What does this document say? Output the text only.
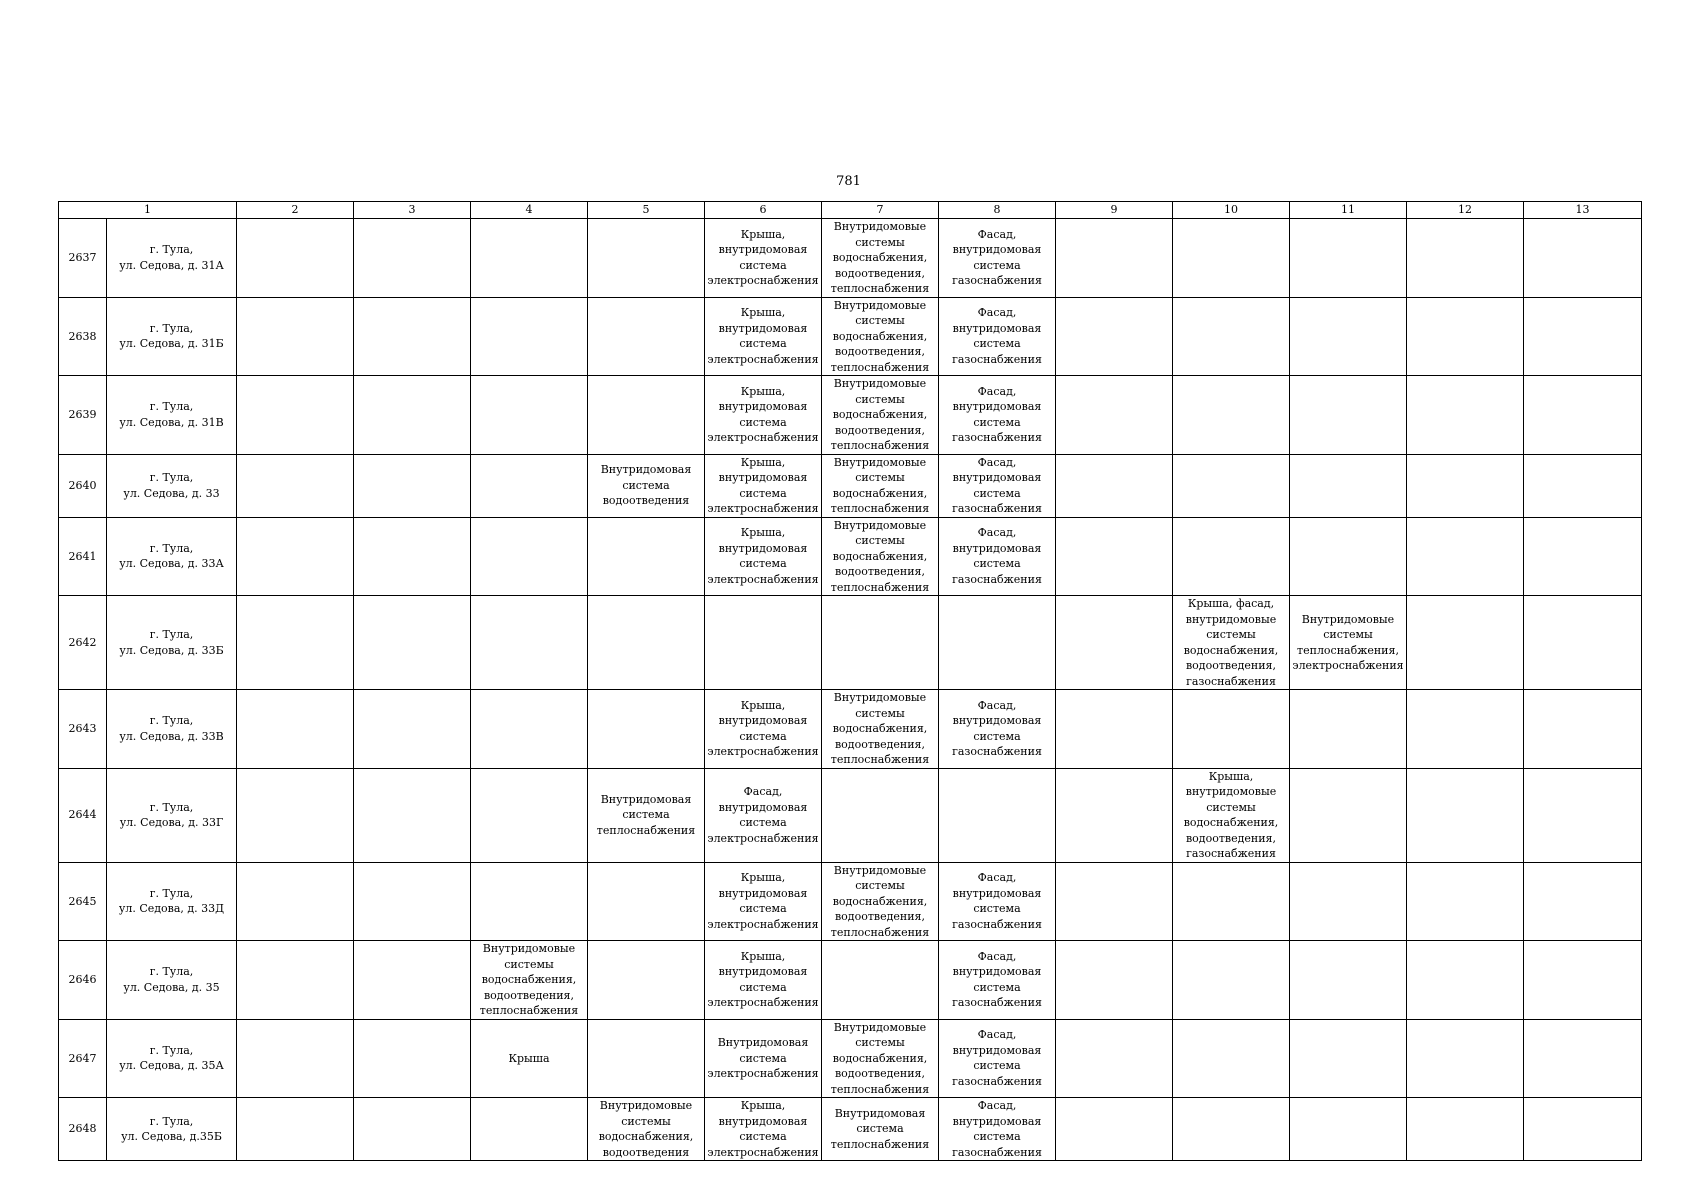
781
1		2	3	4	5	6	7	8	9	10	11	12	13
2637	г. Тула,
ул. Седова, д. 31А					Крыша, внутридомовая система электроснабжения	Внутридомовые системы водоснабжения, водоотведения, теплоснабжения	Фасад, внутридомовая система газоснабжения					
2638	г. Тула,
ул. Седова, д. 31Б					Крыша, внутридомовая система электроснабжения	Внутридомовые системы водоснабжения, водоотведения, теплоснабжения	Фасад, внутридомовая система газоснабжения					
2639	г. Тула,
ул. Седова, д. 31В					Крыша, внутридомовая система электроснабжения	Внутридомовые системы водоснабжения, водоотведения, теплоснабжения	Фасад, внутридомовая система газоснабжения					
2640	г. Тула,
ул. Седова, д. 33				Внутридомовая система водоотведения	Крыша, внутридомовая система электроснабжения	Внутридомовые системы водоснабжения, теплоснабжения	Фасад, внутридомовая система газоснабжения					
2641	г. Тула,
ул. Седова, д. 33А					Крыша, внутридомовая система электроснабжения	Внутридомовые системы водоснабжения, водоотведения, теплоснабжения	Фасад, внутридомовая система газоснабжения					
2642	г. Тула,
ул. Седова, д. 33Б									Крыша, фасад, внутридомовые системы водоснабжения, водоотведения, газоснабжения	Внутридомовые системы теплоснабжения, электроснабжения		
2643	г. Тула,
ул. Седова, д. 33В					Крыша, внутридомовая система электроснабжения	Внутридомовые системы водоснабжения, водоотведения, теплоснабжения	Фасад, внутридомовая система газоснабжения					
2644	г. Тула,
ул. Седова, д. 33Г				Внутридомовая система теплоснабжения	Фасад, внутридомовая система электроснабжения				Крыша, внутридомовые системы водоснабжения, водоотведения, газоснабжения			
2645	г. Тула,
ул. Седова, д. 33Д					Крыша, внутридомовая система электроснабжения	Внутридомовые системы водоснабжения, водоотведения, теплоснабжения	Фасад, внутридомовая система газоснабжения					
2646	г. Тула,
ул. Седова, д. 35			Внутридомовые системы водоснабжения, водоотведения, теплоснабжения		Крыша, внутридомовая система электроснабжения		Фасад, внутридомовая система газоснабжения					
2647	г. Тула,
ул. Седова, д. 35А			Крыша		Внутридомовая система электроснабжения	Внутридомовые системы водоснабжения, водоотведения, теплоснабжения	Фасад, внутридомовая система газоснабжения					
2648	г. Тула,
ул. Седова, д.35Б				Внутридомовые системы водоснабжения, водоотведения	Крыша, внутридомовая система электроснабжения	Внутридомовая система теплоснабжения	Фасад, внутридомовая система газоснабжения					
